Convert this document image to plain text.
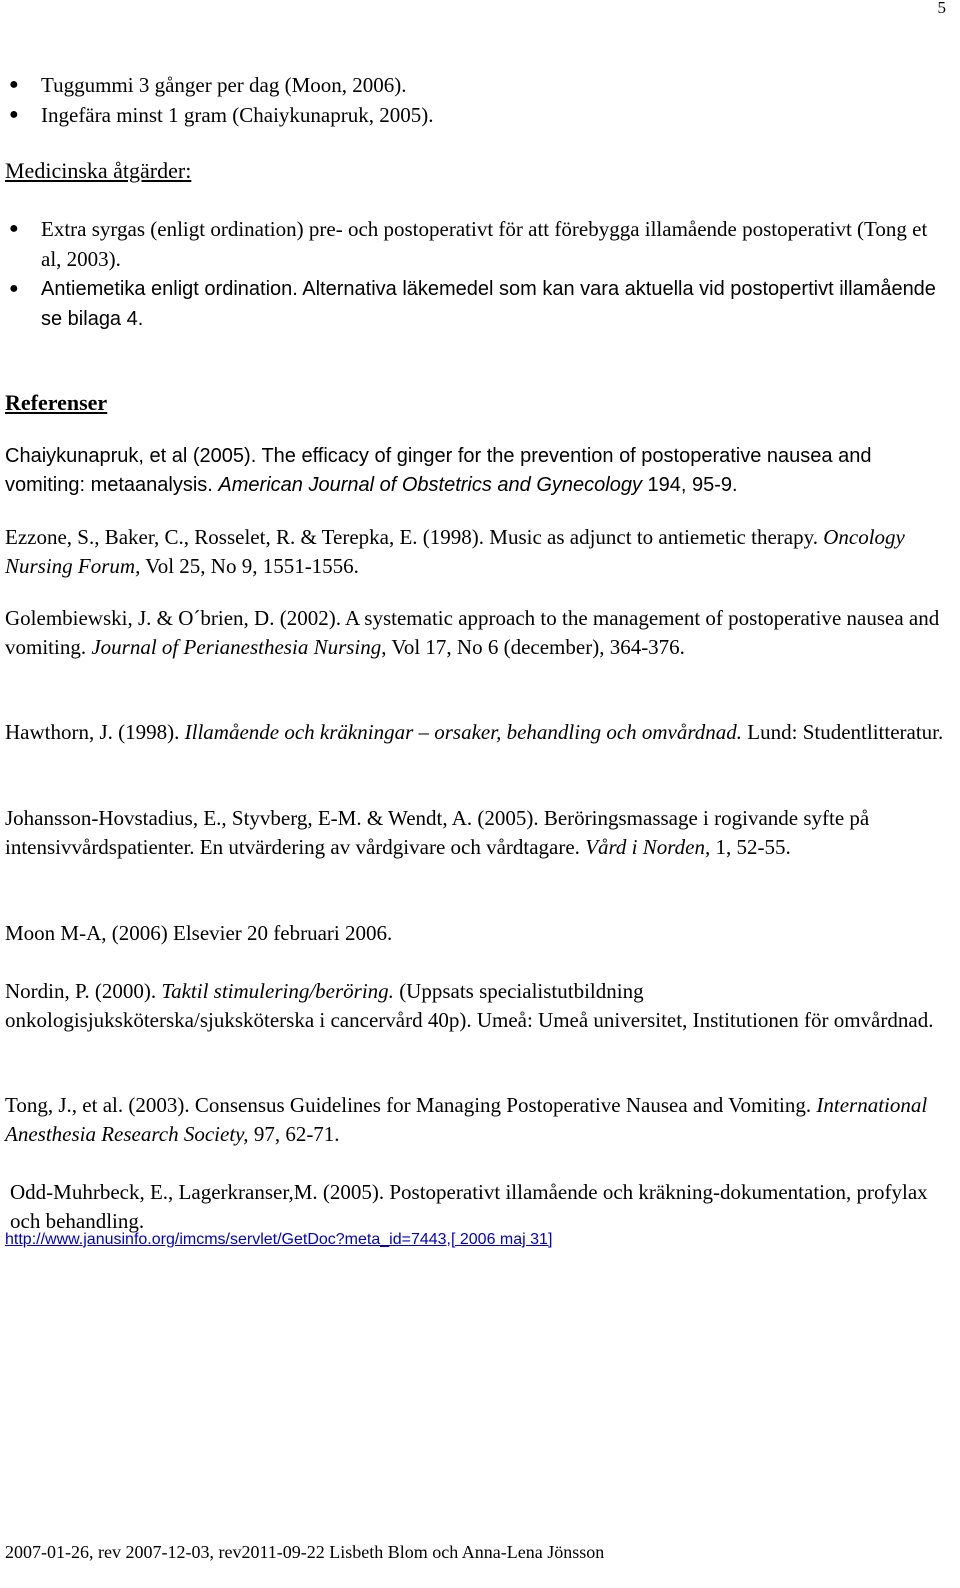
5
● Tuggummi 3 gånger per dag (Moon, 2006).
● Ingefära minst 1 gram (Chaiykunapruk, 2005).
Medicinska åtgärder:
● Extra syrgas (enligt ordination) pre- och postoperativt för att förebygga illamående postoperativt (Tong et al, 2003).
● Antiemetika enligt ordination. Alternativa läkemedel som kan vara aktuella vid postopertivt illamående se bilaga 4.
Referenser

Chaiykunapruk, et al (2005). The efficacy of ginger for the prevention of postoperative nausea and vomiting: metaanalysis. American Journal of Obstetrics and Gynecology 194, 95-9.

Ezzone, S., Baker, C., Rosselet, R. & Terepka, E. (1998). Music as adjunct to antiemetic therapy. Oncology Nursing Forum, Vol 25, No 9, 1551-1556.

Golembiewski, J. & O´brien, D. (2002). A systematic approach to the management of postoperative nausea and vomiting. Journal of Perianesthesia Nursing, Vol 17, No 6 (december), 364-376.

Hawthorn, J. (1998). Illamående och kräkningar – orsaker, behandling och omvårdnad. Lund: Studentlitteratur.

Johansson-Hovstadius, E., Styvberg, E-M. & Wendt, A. (2005). Beröringsmassage i rogivande syfte på intensivvårdspatienter. En utvärdering av vårdgivare och vårdtagare. Vård i Norden, 1, 52-55.

Moon M-A, (2006) Elsevier 20 februari 2006.

Nordin, P. (2000). Taktil stimulering/beröring. (Uppsats specialistutbildning onkologisjuksköterska/sjuksköterska i cancervård 40p). Umeå: Umeå universitet, Institutionen för omvårdnad.

Tong, J., et al. (2003). Consensus Guidelines for Managing Postoperative Nausea and Vomiting. International Anesthesia Research Society, 97, 62-71.

Odd-Muhrbeck, E., Lagerkranser,M. (2005). Postoperativt illamående och kräkning-dokumentation, profylax och behandling.

http://www.janusinfo.org/imcms/servlet/GetDoc?meta_id=7443,[ 2006 maj 31]
2007-01-26, rev 2007-12-03, rev2011-09-22 Lisbeth Blom och Anna-Lena Jönsson
